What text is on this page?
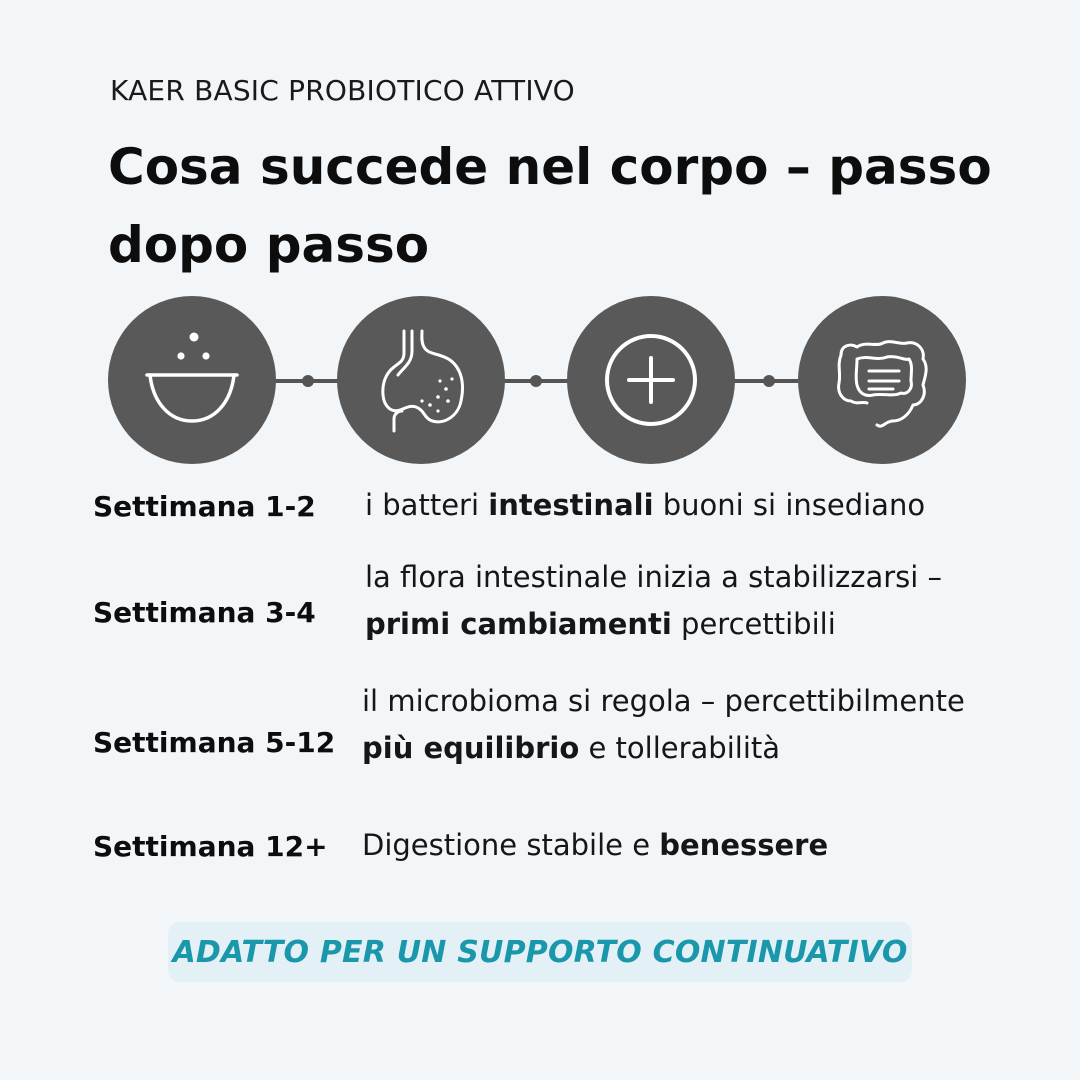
KAER BASIC PROBIOTICO ATTIVO
Cosa succede nel corpo – passo dopo passo
Settimana 1-2 i batteri intestinali buoni si insediano
Settimana 3-4
la flora intestinale inizia a stabilizzarsi –
primi cambiamenti percettibili
Settimana 5-12
il microbioma si regola – percettibilmente
più equilibrio e tollerabilità
Settimana 12+ Digestione stabile e benessere
ADATTO PER UN SUPPORTO CONTINUATIVO
